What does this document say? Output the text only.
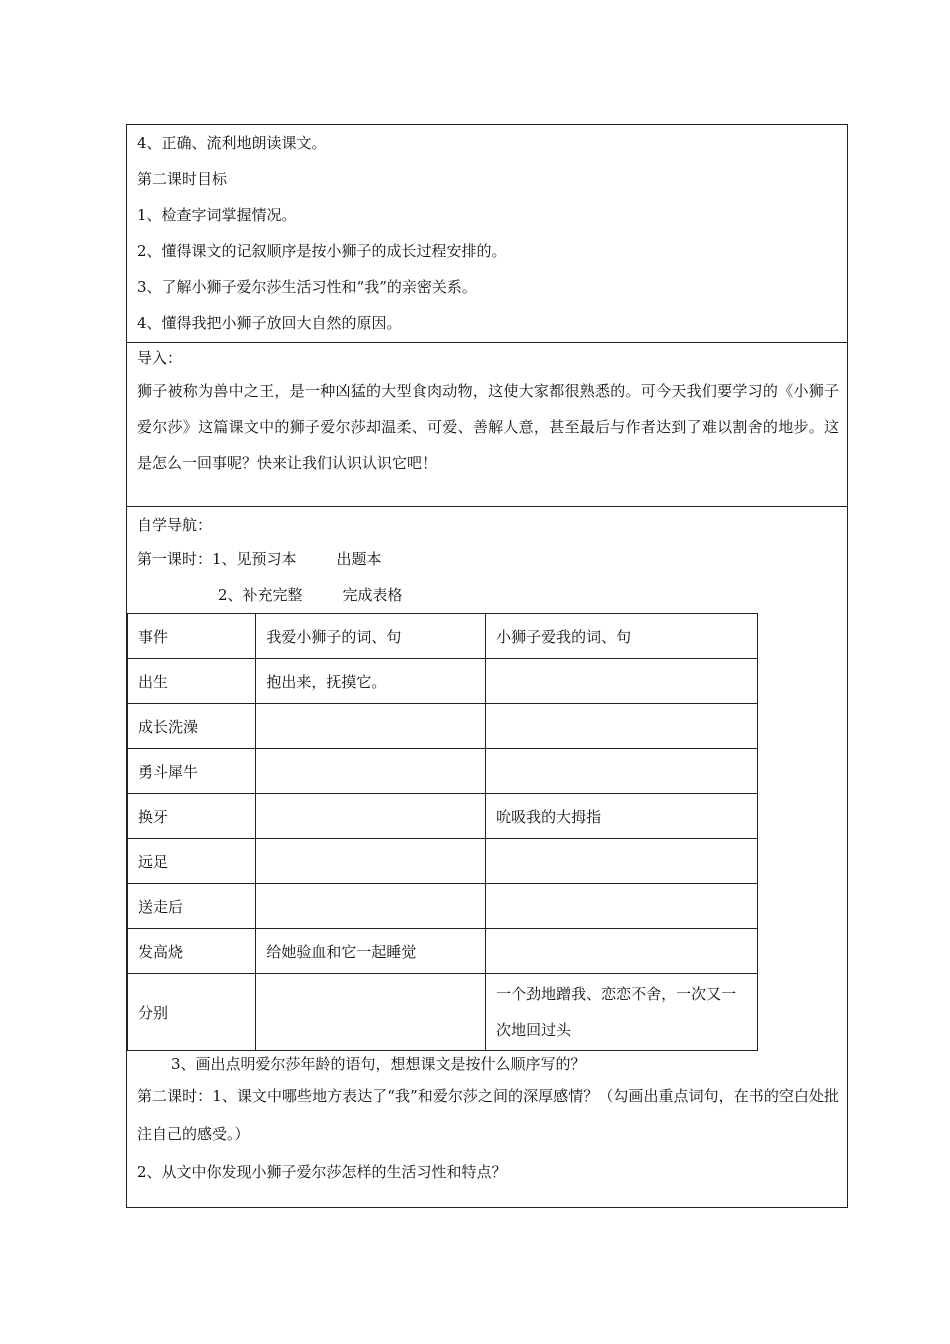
4、正确、流利地朗读课文。
第二课时目标
1、检查字词掌握情况。
2、懂得课文的记叙顺序是按小狮子的成长过程安排的。
3、了解小狮子爱尔莎生活习性和“我”的亲密关系。
4、懂得我把小狮子放回大自然的原因。
导入：
狮子被称为兽中之王，是一种凶猛的大型食肉动物，这使大家都很熟悉的。可今天我们要学习的《小狮子爱尔莎》这篇课文中的狮子爱尔莎却温柔、可爱、善解人意，甚至最后与作者达到了难以割舍的地步。这是怎么一回事呢？快来让我们认识认识它吧！
自学导航：
第一课时：1、见预习本	出题本
2、补充完整	完成表格
事件	我爱小狮子的词、句	小狮子爱我的词、句
出生	抱出来，抚摸它。	
成长洗澡		
勇斗犀牛		
换牙		吮吸我的大拇指
远足		
送走后		
发高烧	给她验血和它一起睡觉	
分别		一个劲地蹭我、恋恋不舍，一次又一次地回过头
3、画出点明爱尔莎年龄的语句，想想课文是按什么顺序写的？
第二课时：1、课文中哪些地方表达了“我”和爱尔莎之间的深厚感情？（勾画出重点词句，在书的空白处批注自己的感受。）
2、从文中你发现小狮子爱尔莎怎样的生活习性和特点？
